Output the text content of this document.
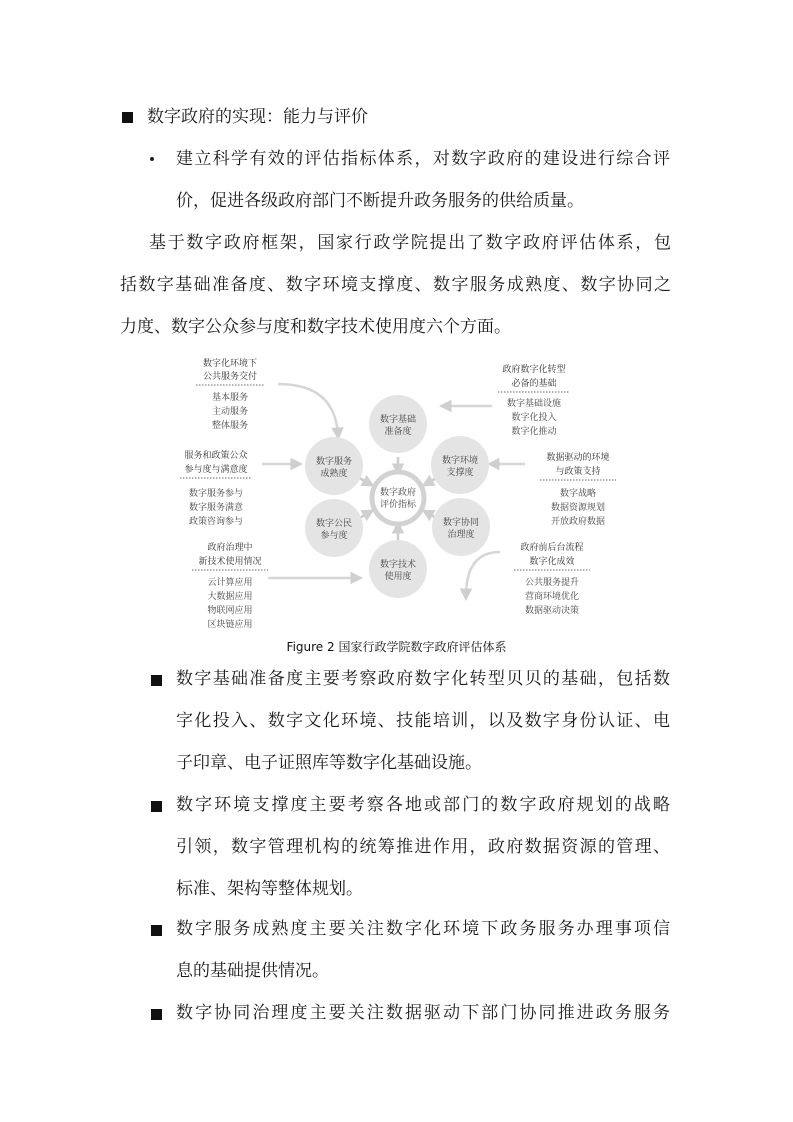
数字政府的实现：能力与评价
建立科学有效的评估指标体系，对数字政府的建设进行综合评
价，促进各级政府部门不断提升政务服务的供给质量。
基于数字政府框架，国家行政学院提出了数字政府评估体系，包
括数字基础准备度、数字环境支撑度、数字服务成熟度、数字协同之
力度、数字公众参与度和数字技术使用度六个方面。
数字政府
评价指标
数字基础
准备度
数字环境
支撑度
数字协同
治理度
数字技术
使用度
数字公民
参与度
数字服务
成熟度
数字化环境下
公共服务交付
基本服务
主动服务
整体服务
服务和政策公众
参与度与满意度
数字服务参与
数字服务满意
政策咨询参与
政府治理中
新技术使用情况
云计算应用
大数据应用
物联网应用
区块链应用
政府数字化转型
必备的基础
数字基础设施
数字化投入
数字化推动
数据驱动的环境
与政策支持
数字战略
数据资源规划
开放政府数据
政府前后台流程
数字化成效
公共服务提升
营商环境优化
数据驱动决策
Figure 2 国家行政学院数字政府评估体系
数字基础准备度主要考察政府数字化转型贝贝的基础，包括数
字化投入、数字文化环境、技能培训，以及数字身份认证、电
子印章、电子证照库等数字化基础设施。
数字环境支撑度主要考察各地或部门的数字政府规划的战略
引领，数字管理机构的统筹推进作用，政府数据资源的管理、
标准、架构等整体规划。
数字服务成熟度主要关注数字化环境下政务服务办理事项信
息的基础提供情况。
数字协同治理度主要关注数据驱动下部门协同推进政务服务
